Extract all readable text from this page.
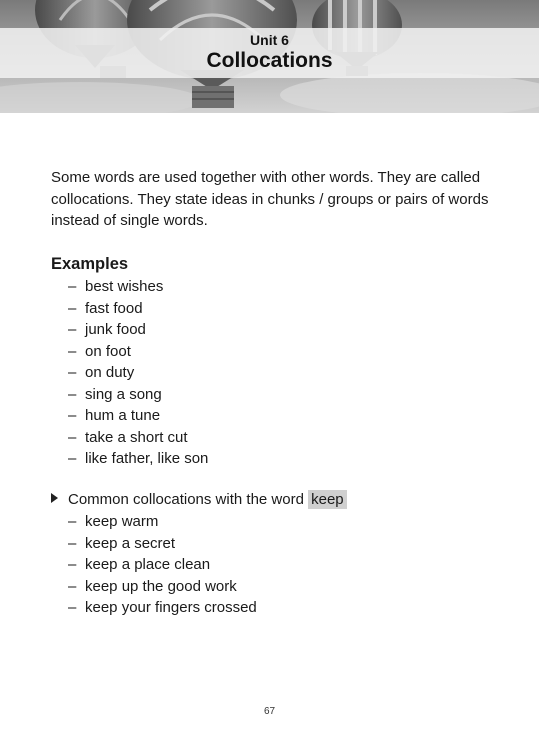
Unit 6
Collocations

Some words are used together with other words. They are called collocations. They state ideas in chunks / groups or pairs of words instead of single words.

Examples
– best wishes
– fast food
– junk food
– on foot
– on duty
– sing a song
– hum a tune
– take a short cut
– like father, like son
Common collocations with the word keep
– keep warm
– keep a secret
– keep a place clean
– keep up the good work
– keep your fingers crossed
67
